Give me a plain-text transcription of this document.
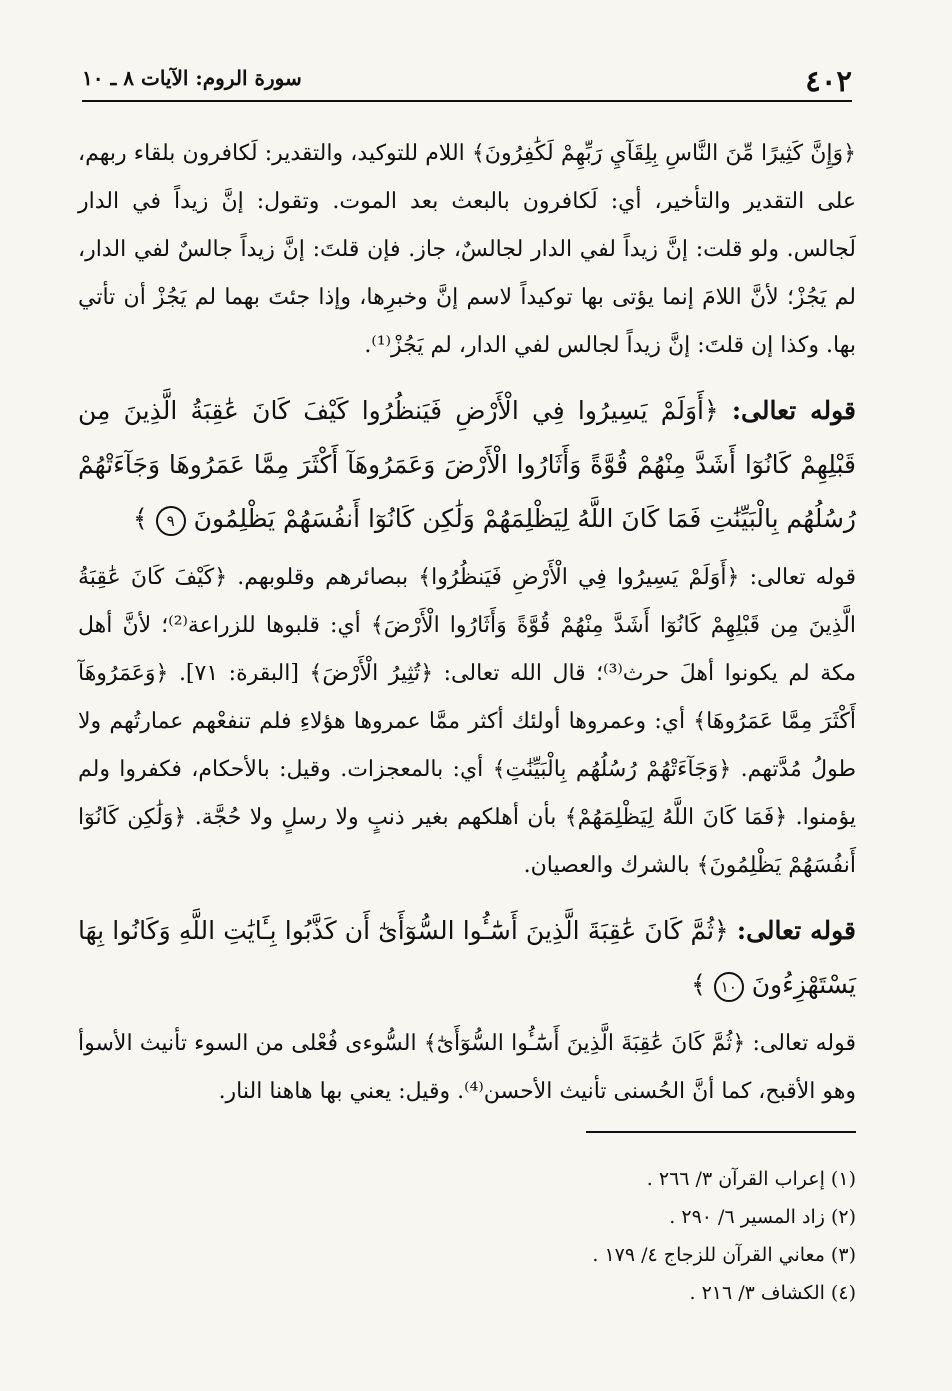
٤٠٢
سورة الروم: الآيات ٨ ـ ١٠

﴿وَإِنَّ كَثِيرًا مِّنَ النَّاسِ بِلِقَآيِ رَبِّهِمْ لَكَٰفِرُونَ﴾ اللام للتوكيد، والتقدير: لَكافرون بلقاء ربهم، على التقدير والتأخير، أي: لَكافرون بالبعث بعد الموت. وتقول: إنَّ زيداً في الدار لَجالس. ولو قلت: إنَّ زيداً لفي الدار لجالسٌ، جاز. فإن قلتَ: إنَّ زيداً جالسٌ لفي الدار، لم يَجُزْ؛ لأنَّ اللامَ إنما يؤتى بها توكيداً لاسم إنَّ وخبرِها، وإذا جئتَ بهما لم يَجُزْ أن تأتي بها. وكذا إن قلتَ: إنَّ زيداً لجالس لفي الدار، لم يَجُزْ⁽¹⁾.

قوله تعالى: ﴿أَوَلَمْ يَسِيرُوا فِي الْأَرْضِ فَيَنظُرُوا كَيْفَ كَانَ عَٰقِبَةُ الَّذِينَ مِن قَبْلِهِمْ كَانُوٓا أَشَدَّ مِنْهُمْ قُوَّةً وَأَثَارُوا الْأَرْضَ وَعَمَرُوهَآ أَكْثَرَ مِمَّا عَمَرُوهَا وَجَآءَتْهُمْ رُسُلُهُم بِالْبَيِّنَٰتِ فَمَا كَانَ اللَّهُ لِيَظْلِمَهُمْ وَلَٰكِن كَانُوٓا أَنفُسَهُمْ يَظْلِمُونَ ٩ ﴾

قوله تعالى: ﴿أَوَلَمْ يَسِيرُوا فِي الْأَرْضِ فَيَنظُرُوا﴾ ببصائرهم وقلوبهم. ﴿كَيْفَ كَانَ عَٰقِبَةُ الَّذِينَ مِن قَبْلِهِمْ كَانُوٓا أَشَدَّ مِنْهُمْ قُوَّةً وَأَثَارُوا الْأَرْضَ﴾ أي: قلبوها للزراعة⁽²⁾؛ لأنَّ أهل مكة لم يكونوا أهلَ حرث⁽³⁾؛ قال الله تعالى: ﴿تُثِيرُ الْأَرْضَ﴾ [البقرة: ٧١]. ﴿وَعَمَرُوهَآ أَكْثَرَ مِمَّا عَمَرُوهَا﴾ أي: وعمروها أولئك أكثر ممَّا عمروها هؤلاءِ فلم تنفعْهم عمارتُهم ولا طولُ مُدَّتهم. ﴿وَجَآءَتْهُمْ رُسُلُهُم بِالْبَيِّنَٰتِ﴾ أي: بالمعجزات. وقيل: بالأحكام، فكفروا ولم يؤمنوا. ﴿فَمَا كَانَ اللَّهُ لِيَظْلِمَهُمْ﴾ بأن أهلكهم بغير ذنبٍ ولا رسلٍ ولا حُجَّة. ﴿وَلَٰكِن كَانُوٓا أَنفُسَهُمْ يَظْلِمُونَ﴾ بالشرك والعصيان.

قوله تعالى: ﴿ثُمَّ كَانَ عَٰقِبَةَ الَّذِينَ أَسَٰٓـُٔوا السُّوٓأَىٰٓ أَن كَذَّبُوا بِـَٔايَٰتِ اللَّهِ وَكَانُوا بِهَا يَسْتَهْزِءُونَ ١٠ ﴾

قوله تعالى: ﴿ثُمَّ كَانَ عَٰقِبَةَ الَّذِينَ أَسَٰٓـُٔوا السُّوٓأَىٰٓ﴾ السُّوءى فُعْلى من السوء تأنيث الأسوأ وهو الأقبح، كما أنَّ الحُسنى تأنيث الأحسن⁽⁴⁾. وقيل: يعني بها هاهنا النار.

(١) إعراب القرآن ٣/ ٢٦٦ .
(٢) زاد المسير ٦/ ٢٩٠ .
(٣) معاني القرآن للزجاج ٤/ ١٧٩ .
(٤) الكشاف ٣/ ٢١٦ .
